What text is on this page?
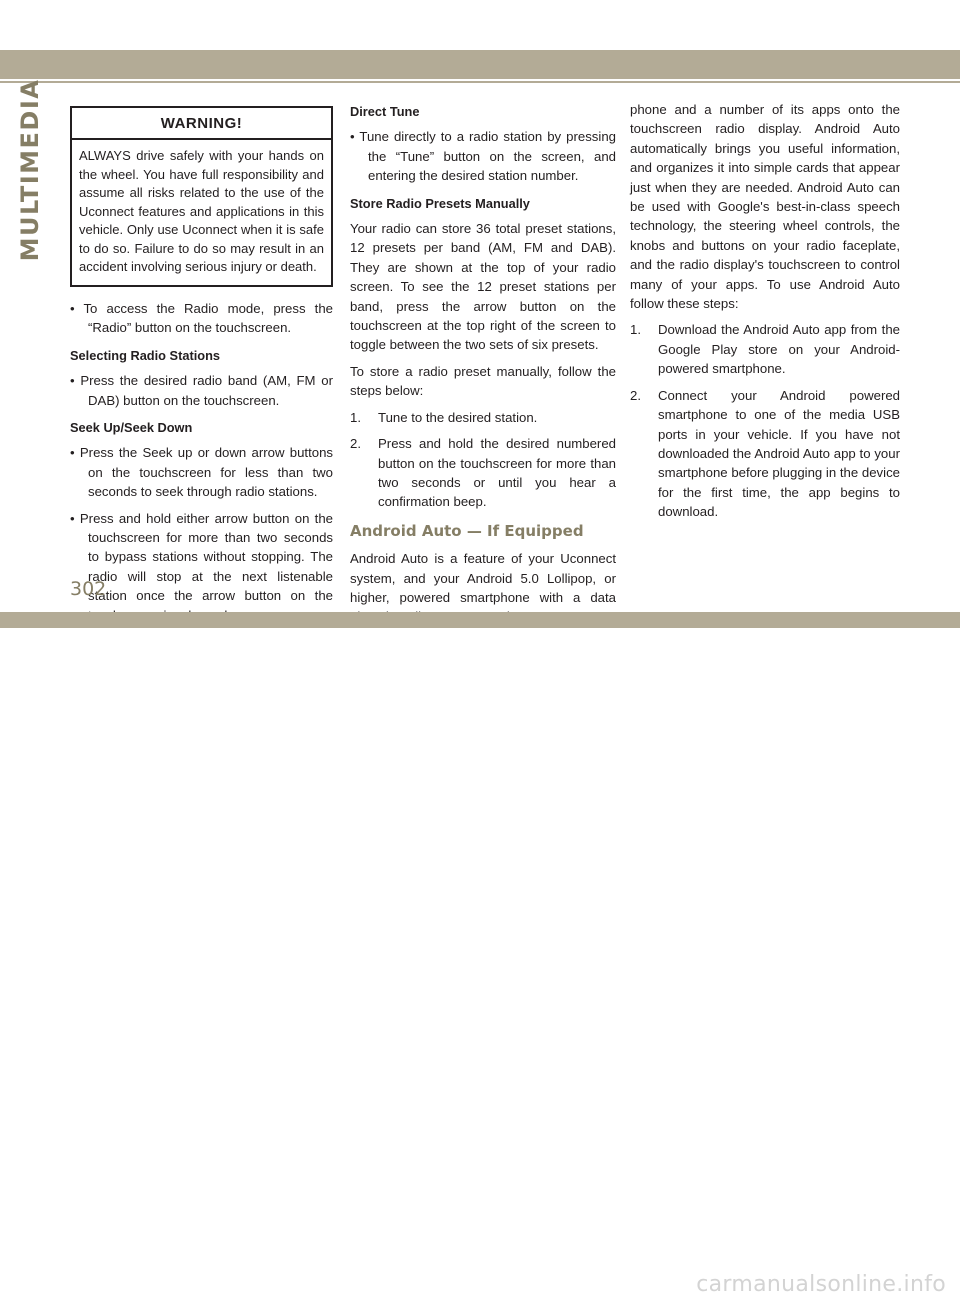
MULTIMEDIA	WARNING!
ALWAYS drive safely with your hands on the wheel. You have full responsibility and assume all risks related to the use of the Uconnect features and applications in this vehicle. Only use Uconnect when it is safe to do so. Failure to do so may result in an accident involving serious injury or death.

• To access the Radio mode, press the “Radio” button on the touchscreen.

Selecting Radio Stations

• Press the desired radio band (AM, FM or DAB) button on the touchscreen.

Seek Up/Seek Down

• Press the Seek up or down arrow buttons on the touchscreen for less than two seconds to seek through radio stations.

• Press and hold either arrow button on the touchscreen for more than two seconds to bypass stations without stopping. The radio will stop at the next listenable station once the arrow button on the

Direct Tune

• Tune directly to a radio station by pressing the “Tune” button on the screen, and entering the desired station number.

Store Radio Presets Manually

Your radio can store 36 total preset stations, 12 presets per band (AM, FM and DAB). They are shown at the top of your radio screen. To see the 12 preset stations per band, press the arrow button on the touchscreen at the top right of the screen to toggle between the two sets of six presets.

To store a radio preset manually, follow the steps below:

1. Tune to the desired station.
2. Press and hold the desired numbered button on the touchscreen for more than two seconds or until you hear a confirmation beep.
Android Auto — If Equipped

Android Auto is a feature of your Uconnect system, and your Android 5.0 Lollipop, or higher, powered smartphone with a data

phone and a number of its apps onto the touchscreen radio display. Android Auto automatically brings you useful information, and organizes it into simple cards that appear just when they are needed. Android Auto can be used with Google's best-in-class speech technology, the steering wheel controls, the knobs and buttons on your radio faceplate, and the radio display's touchscreen to control many of your apps. To use Android Auto follow these steps:

1. Download the Android Auto app from the Google Play store on your Android-powered smartphone.
2. Connect your Android powered smartphone to one of the media USB ports in your vehicle. If you have not downloaded the Android Auto app to your smartphone before plugging in the device for the first time, the app begins to download.
302
carmanualsonline.info
